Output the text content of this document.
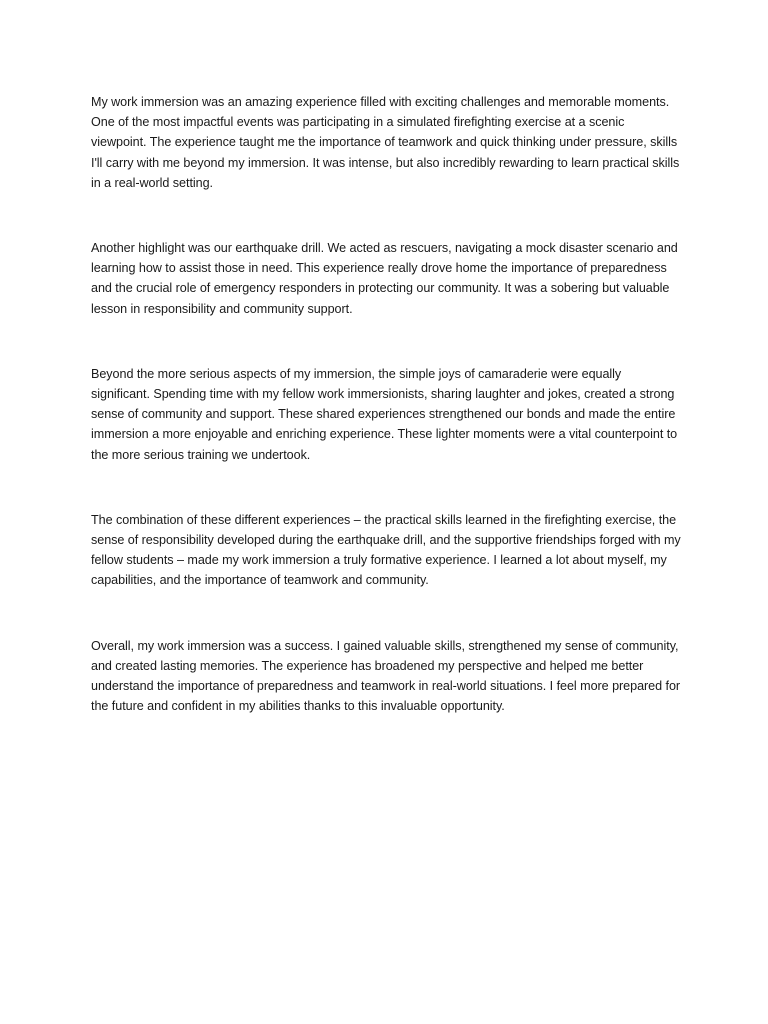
My work immersion was an amazing experience filled with exciting challenges and memorable moments. One of the most impactful events was participating in a simulated firefighting exercise at a scenic viewpoint. The experience taught me the importance of teamwork and quick thinking under pressure, skills I'll carry with me beyond my immersion. It was intense, but also incredibly rewarding to learn practical skills in a real-world setting.

Another highlight was our earthquake drill. We acted as rescuers, navigating a mock disaster scenario and learning how to assist those in need. This experience really drove home the importance of preparedness and the crucial role of emergency responders in protecting our community. It was a sobering but valuable lesson in responsibility and community support.

Beyond the more serious aspects of my immersion, the simple joys of camaraderie were equally significant. Spending time with my fellow work immersionists, sharing laughter and jokes, created a strong sense of community and support. These shared experiences strengthened our bonds and made the entire immersion a more enjoyable and enriching experience. These lighter moments were a vital counterpoint to the more serious training we undertook.

The combination of these different experiences – the practical skills learned in the firefighting exercise, the sense of responsibility developed during the earthquake drill, and the supportive friendships forged with my fellow students – made my work immersion a truly formative experience. I learned a lot about myself, my capabilities, and the importance of teamwork and community.

Overall, my work immersion was a success. I gained valuable skills, strengthened my sense of community, and created lasting memories. The experience has broadened my perspective and helped me better understand the importance of preparedness and teamwork in real-world situations. I feel more prepared for the future and confident in my abilities thanks to this invaluable opportunity.
